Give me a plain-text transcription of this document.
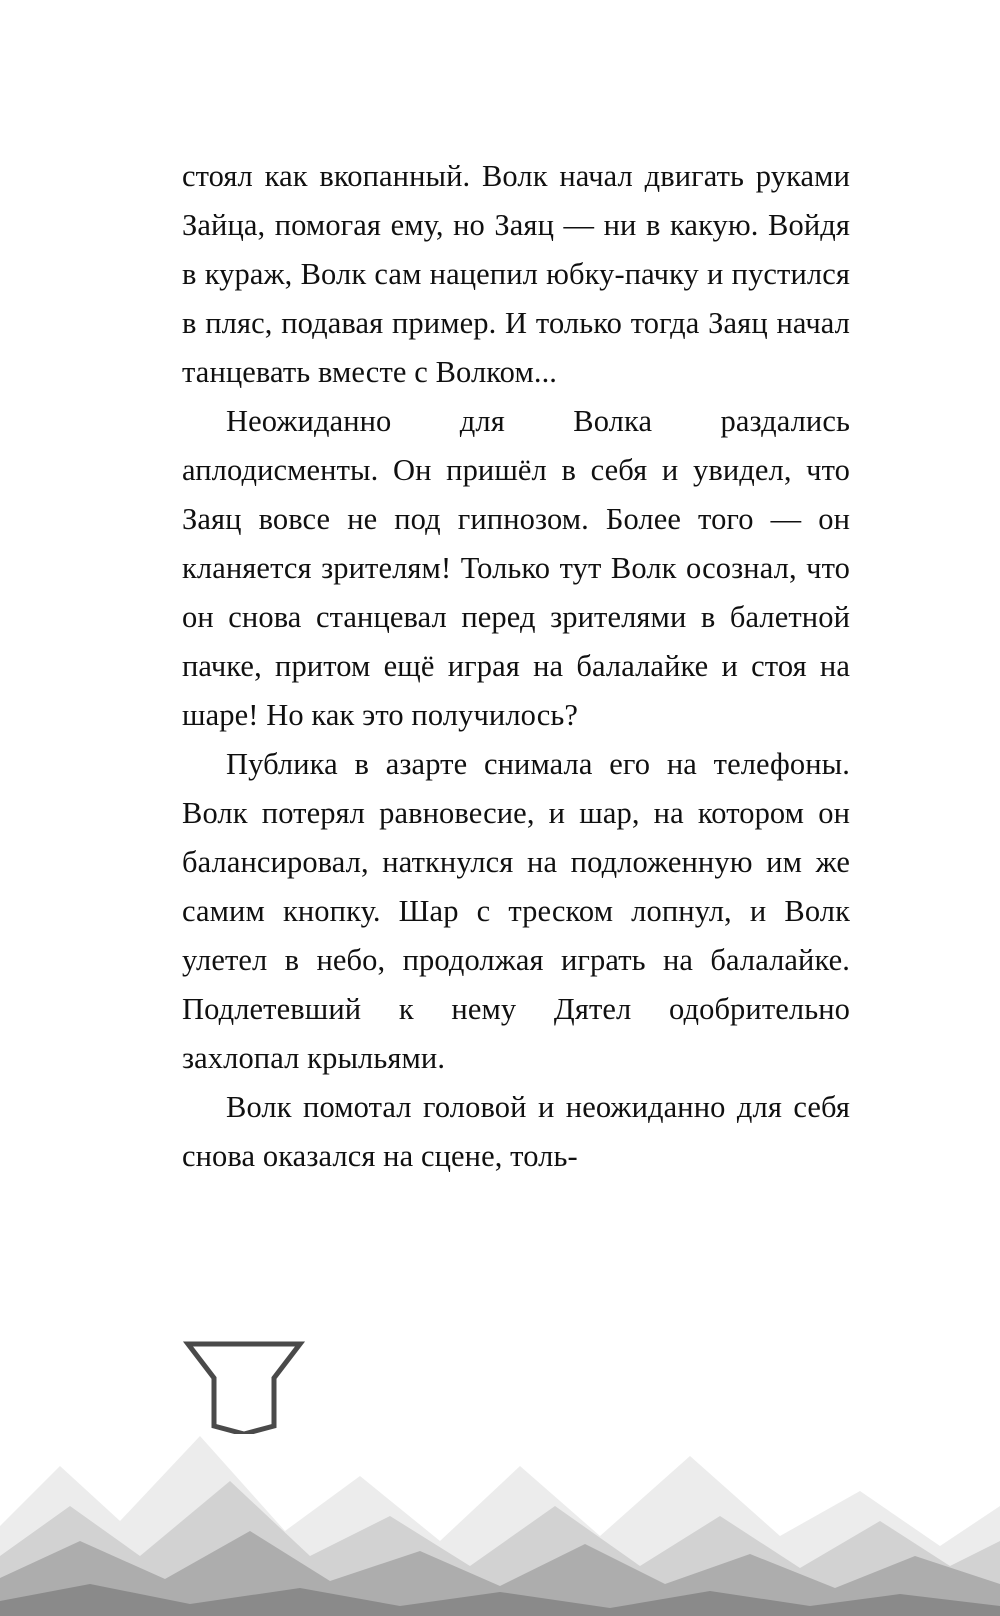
стоял как вкопанный. Волк начал двигать руками Зайца, помогая ему, но Заяц — ни в какую. Войдя в кураж, Волк сам нацепил юбку-пачку и пустился в пляс, подавая пример. И только тогда Заяц начал танцевать вместе с Волком...

Неожиданно для Волка раздались аплодисменты. Он пришёл в себя и увидел, что Заяц вовсе не под гипнозом. Более того — он кланяется зрителям! Только тут Волк осознал, что он снова станцевал перед зрителями в балетной пачке, притом ещё играя на балалайке и стоя на шаре! Но как это получилось?

Публика в азарте снимала его на телефоны. Волк потерял равновесие, и шар, на котором он балансировал, наткнулся на подложенную им же самим кнопку. Шар с треском лопнул, и Волк улетел в небо, продолжая играть на балалайке. Подлетевший к нему Дятел одобрительно захлопал крыльями.

Волк помотал головой и неожиданно для себя снова оказался на сцене, толь-
